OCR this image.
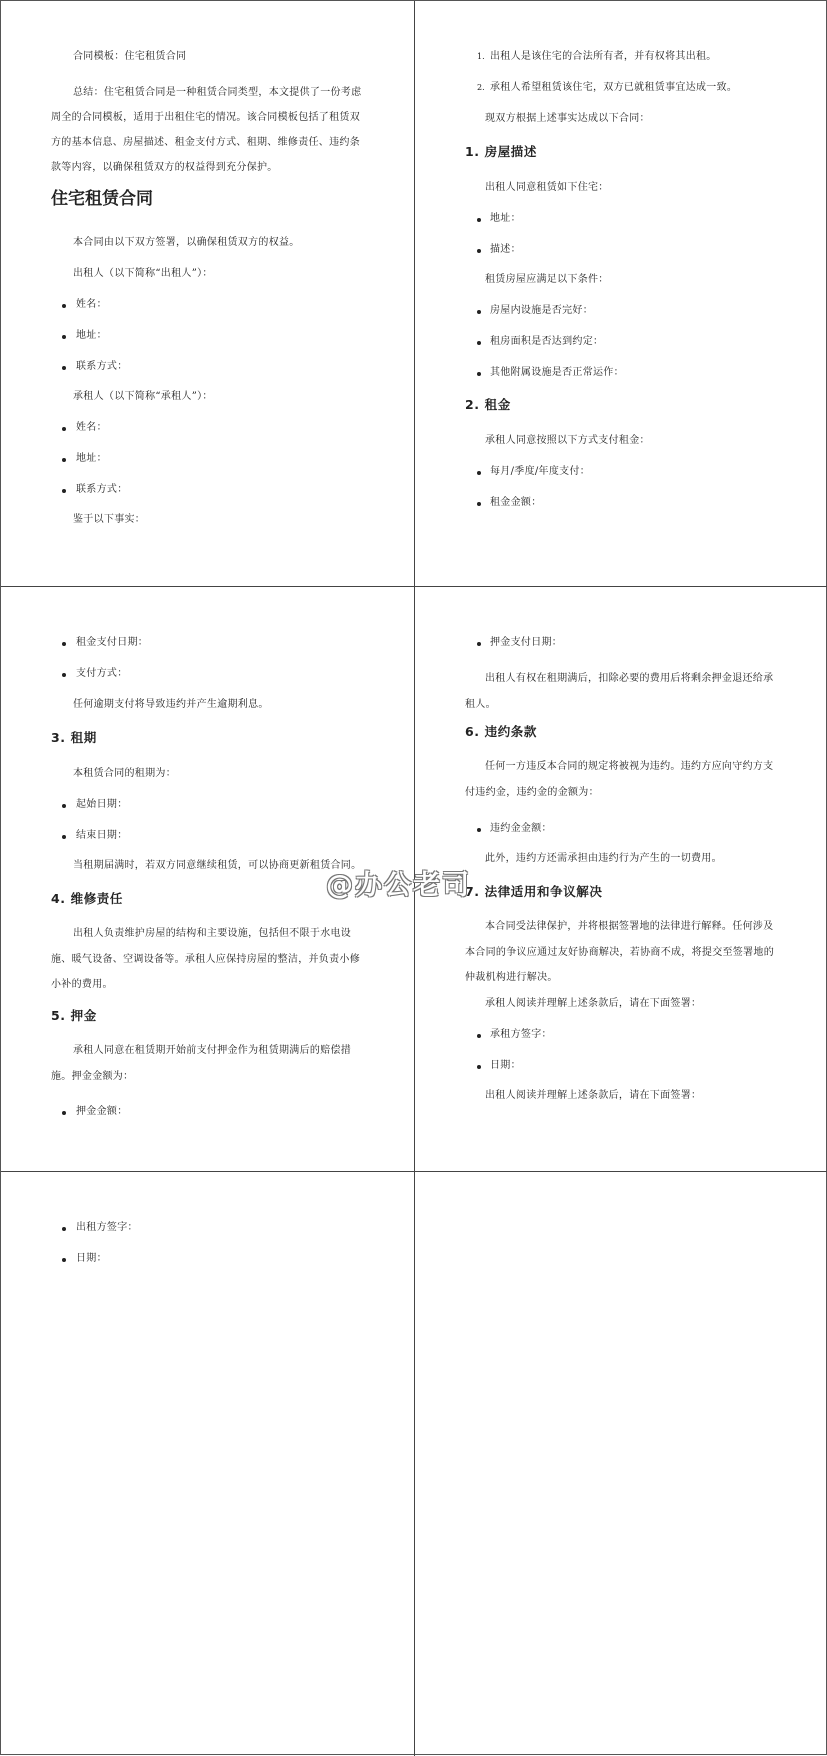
合同模板：住宅租赁合同
总结：住宅租赁合同是一种租赁合同类型，本文提供了一份考虑周全的合同模板，适用于出租住宅的情况。该合同模板包括了租赁双方的基本信息、房屋描述、租金支付方式、租期、维修责任、违约条款等内容，以确保租赁双方的权益得到充分保护。
住宅租赁合同
本合同由以下双方签署，以确保租赁双方的权益。
出租人（以下简称“出租人”）：
姓名：
地址：
联系方式：
承租人（以下简称“承租人”）：
姓名：
地址：
联系方式：
鉴于以下事实：
1. 出租人是该住宅的合法所有者，并有权将其出租。
2. 承租人希望租赁该住宅，双方已就租赁事宜达成一致。
现双方根据上述事实达成以下合同：
1. 房屋描述
出租人同意租赁如下住宅：
地址：
描述：
租赁房屋应满足以下条件：
房屋内设施是否完好：
租房面积是否达到约定：
其他附属设施是否正常运作：
2. 租金
承租人同意按照以下方式支付租金：
每月/季度/年度支付：
租金金额：
租金支付日期：
支付方式：
任何逾期支付将导致违约并产生逾期利息。
3. 租期
本租赁合同的租期为：
起始日期：
结束日期：
当租期届满时，若双方同意继续租赁，可以协商更新租赁合同。
4. 维修责任
出租人负责维护房屋的结构和主要设施，包括但不限于水电设施、暖气设备、空调设备等。承租人应保持房屋的整洁，并负责小修小补的费用。
5. 押金
承租人同意在租赁期开始前支付押金作为租赁期满后的赔偿措施。押金金额为：
押金金额：
押金支付日期：
出租人有权在租期满后，扣除必要的费用后将剩余押金退还给承租人。
6. 违约条款
任何一方违反本合同的规定将被视为违约。违约方应向守约方支付违约金，违约金的金额为：
违约金金额：
此外，违约方还需承担由违约行为产生的一切费用。
7. 法律适用和争议解决
本合同受法律保护，并将根据签署地的法律进行解释。任何涉及本合同的争议应通过友好协商解决，若协商不成，将提交至签署地的仲裁机构进行解决。
承租人阅读并理解上述条款后，请在下面签署：
承租方签字：
日期：
出租人阅读并理解上述条款后，请在下面签署：
出租方签字：
日期：
@办公老司
